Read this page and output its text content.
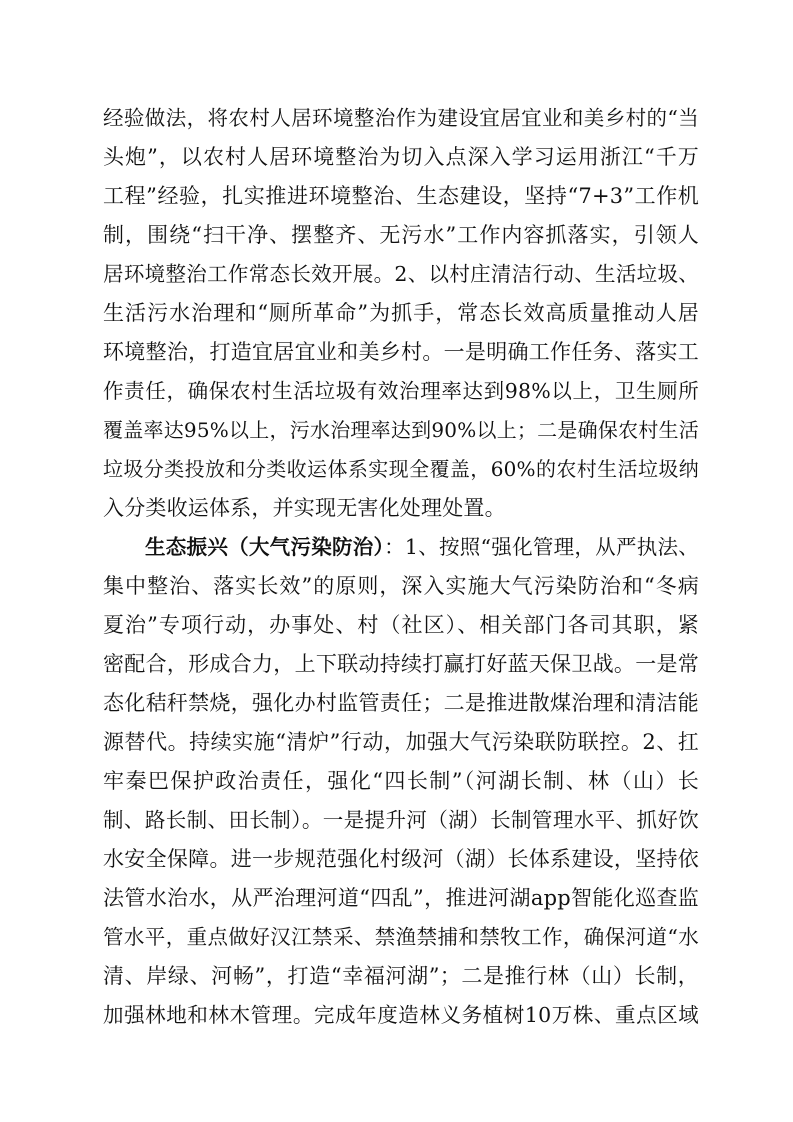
经验做法，将农村人居环境整治作为建设宜居宜业和美乡村的“当
头炮”，以农村人居环境整治为切入点深入学习运用浙江“千万
工程”经验，扎实推进环境整治、生态建设，坚持“7+3”工作机
制，围绕“扫干净、摆整齐、无污水”工作内容抓落实，引领人
居环境整治工作常态长效开展。2、以村庄清洁行动、生活垃圾、
生活污水治理和“厕所革命”为抓手，常态长效高质量推动人居
环境整治，打造宜居宜业和美乡村。一是明确工作任务、落实工
作责任，确保农村生活垃圾有效治理率达到98%以上，卫生厕所
覆盖率达95%以上，污水治理率达到90%以上；二是确保农村生活
垃圾分类投放和分类收运体系实现全覆盖，60%的农村生活垃圾纳
入分类收运体系，并实现无害化处理处置。
生态振兴（大气污染防治）：1、按照“强化管理，从严执法、
集中整治、落实长效”的原则，深入实施大气污染防治和“冬病
夏治”专项行动，办事处、村（社区）、相关部门各司其职，紧
密配合，形成合力，上下联动持续打赢打好蓝天保卫战。一是常
态化秸秆禁烧，强化办村监管责任；二是推进散煤治理和清洁能
源替代。持续实施“清炉”行动，加强大气污染联防联控。2、扛
牢秦巴保护政治责任，强化“四长制”（河湖长制、林（山）长
制、路长制、田长制）。一是提升河（湖）长制管理水平、抓好饮
水安全保障。进一步规范强化村级河（湖）长体系建设，坚持依
法管水治水，从严治理河道“四乱”，推进河湖app智能化巡查监
管水平，重点做好汉江禁采、禁渔禁捕和禁牧工作，确保河道“水
清、岸绿、河畅”，打造“幸福河湖”；二是推行林（山）长制，
加强林地和林木管理。完成年度造林义务植树10万株、重点区域
